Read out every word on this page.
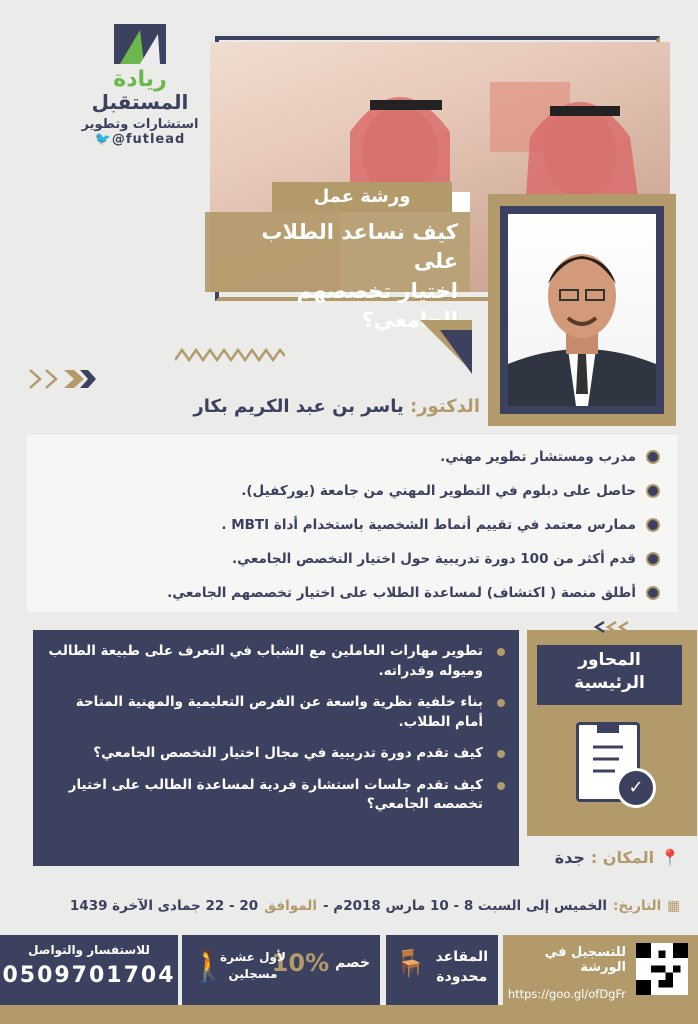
ريادة
المستقبل
استشارات وتطوير
🐦@futlead
ورشة عمل
كيف نساعد الطلاب على
اختيار تخصصهم الجامعي؟
الدكتور: ياسر بن عبد الكريم بكار
مدرب ومستشار تطوير مهني.
حاصل على دبلوم في التطوير المهني من جامعة (يوركفيل).
ممارس معتمد في تقييم أنماط الشخصية باستخدام أداة MBTI .
قدم أكثر من 100 دورة تدريبية حول اختيار التخصص الجامعي.
أطلق منصة ( اكتشاف) لمساعدة الطلاب على اختيار تخصصهم الجامعي.
تطوير مهارات العاملين مع الشباب في التعرف على طبيعة الطالب وميوله وقدراته.
بناء خلفية نظرية واسعة عن الفرص التعليمية والمهنية المتاحة أمام الطلاب.
كيف تقدم دورة تدريبية في مجال اختيار التخصص الجامعي؟
كيف تقدم جلسات استشارة فردية لمساعدة الطالب على اختيار تخصصه الجامعي؟
المحاور
الرئيسية
✓
📍
المكان :
جدة
▦
التاريخ:
الخميس إلى السبت 8 - 10 مارس 2018م -
الموافق
20 - 22 جمادى الآخرة 1439
للاستفسار والتواصل
0509701704	خصم
10%
لأول عشرة
مسجلين
🚶	🪑 المقاعد
محدودة
للتسجيل في الورشة
https://goo.gl/ofDgFr
